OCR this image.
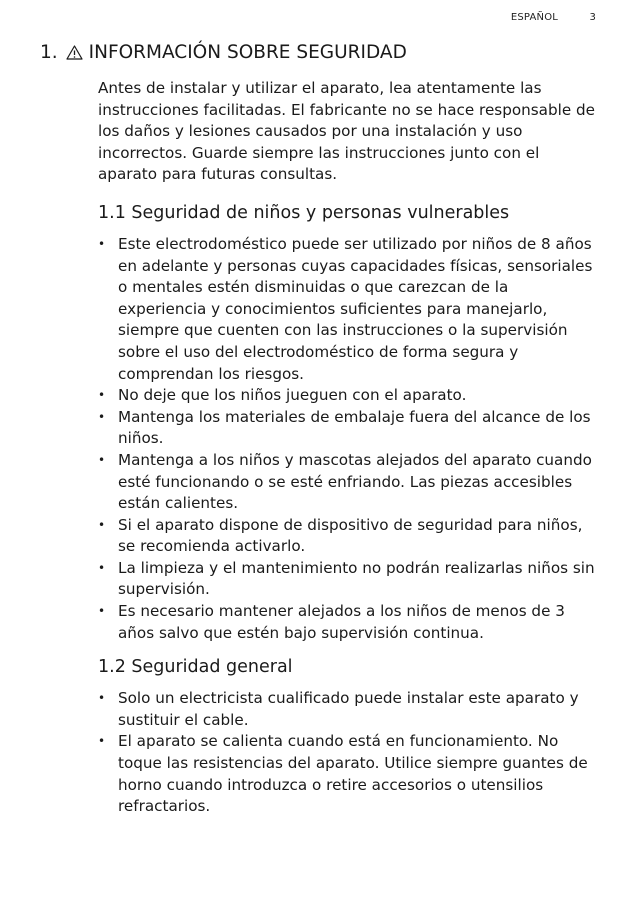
ESPAÑOL	3
1. INFORMACIÓN SOBRE SEGURIDAD

Antes de instalar y utilizar el aparato, lea atentamente las instrucciones facilitadas. El fabricante no se hace responsable de los daños y lesiones causados por una instalación y uso incorrectos. Guarde siempre las instrucciones junto con el aparato para futuras consultas.

1.1 Seguridad de niños y personas vulnerables
• Este electrodoméstico puede ser utilizado por niños de 8 años en adelante y personas cuyas capacidades físicas, sensoriales o mentales estén disminuidas o que carezcan de la experiencia y conocimientos suficientes para manejarlo, siempre que cuenten con las instrucciones o la supervisión sobre el uso del electrodoméstico de forma segura y comprendan los riesgos.
• No deje que los niños jueguen con el aparato.
• Mantenga los materiales de embalaje fuera del alcance de los niños.
• Mantenga a los niños y mascotas alejados del aparato cuando esté funcionando o se esté enfriando. Las piezas accesibles están calientes.
• Si el aparato dispone de dispositivo de seguridad para niños, se recomienda activarlo.
• La limpieza y el mantenimiento no podrán realizarlas niños sin supervisión.
• Es necesario mantener alejados a los niños de menos de 3 años salvo que estén bajo supervisión continua.
1.2 Seguridad general
• Solo un electricista cualificado puede instalar este aparato y sustituir el cable.
• El aparato se calienta cuando está en funcionamiento. No toque las resistencias del aparato. Utilice siempre guantes de horno cuando introduzca o retire accesorios o utensilios refractarios.
